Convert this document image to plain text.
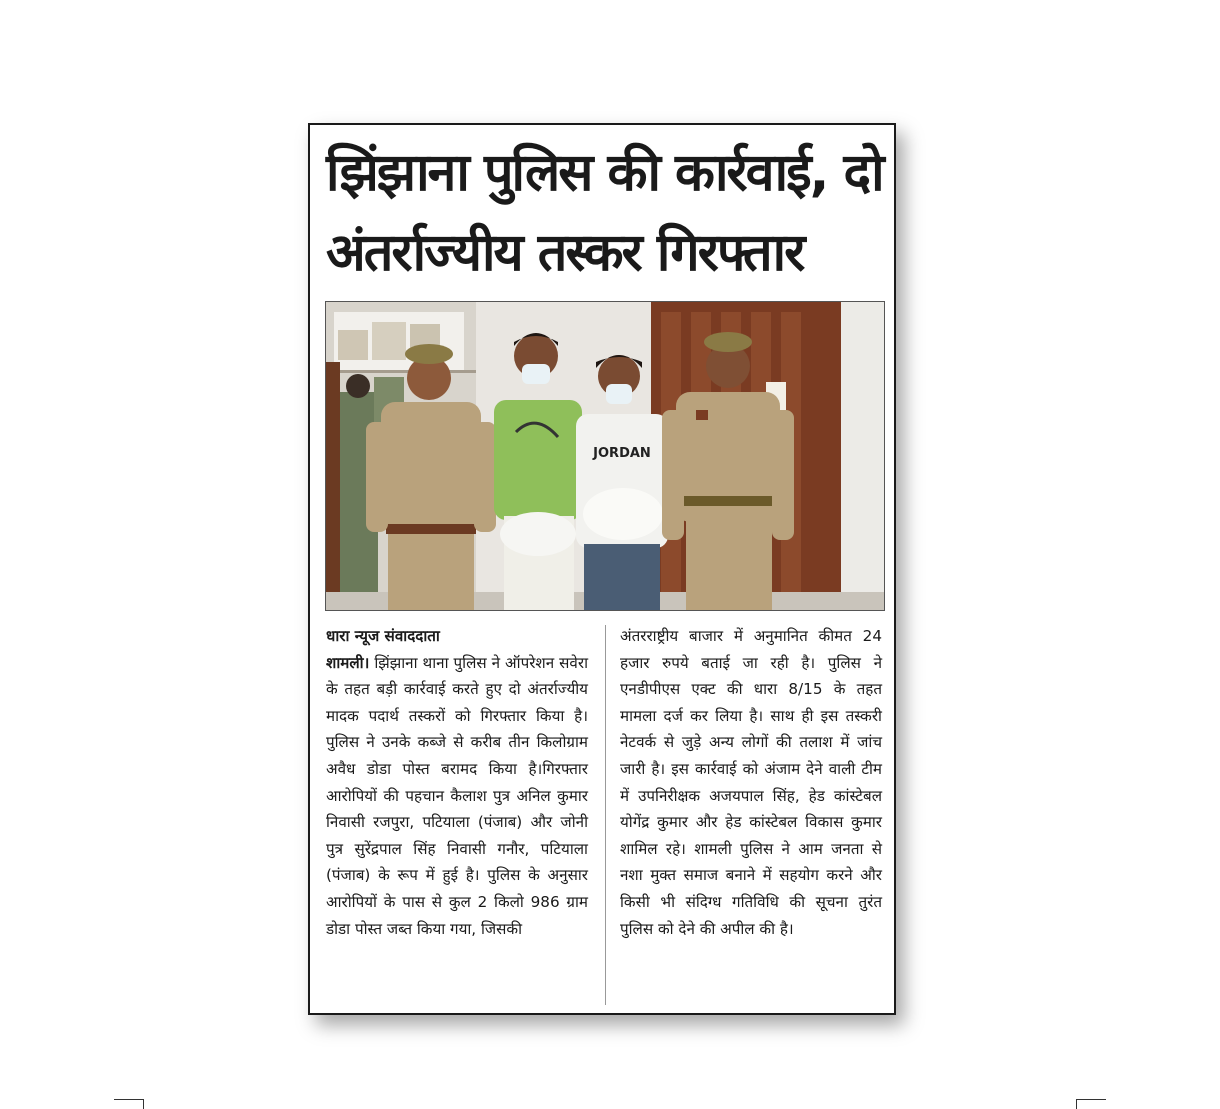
झिंझाना पुलिस की कार्रवाई, दो
अंतर्राज्यीय तस्कर गिरफ्तार
JORDAN
धारा न्यूज संवाददाता
शामली। झिंझाना थाना पुलिस ने ऑपरेशन सवेरा के तहत बड़ी कार्रवाई करते हुए दो अंतर्राज्यीय मादक पदार्थ तस्करों को गिरफ्तार किया है। पुलिस ने उनके कब्जे से करीब तीन किलोग्राम अवैध डोडा पोस्त बरामद किया है।गिरफ्तार आरोपियों की पहचान कैलाश पुत्र अनिल कुमार निवासी रजपुरा, पटियाला (पंजाब) और जोनी पुत्र सुरेंद्रपाल सिंह निवासी गनौर, पटियाला (पंजाब) के रूप में हुई है। पुलिस के अनुसार आरोपियों के पास से कुल 2 किलो 986 ग्राम डोडा पोस्त जब्त किया गया, जिसकी
अंतरराष्ट्रीय बाजार में अनुमानित कीमत 24 हजार रुपये बताई जा रही है। पुलिस ने एनडीपीएस एक्ट की धारा 8/15 के तहत मामला दर्ज कर लिया है। साथ ही इस तस्करी नेटवर्क से जुड़े अन्य लोगों की तलाश में जांच जारी है। इस कार्रवाई को अंजाम देने वाली टीम में उपनिरीक्षक अजयपाल सिंह, हेड कांस्टेबल योगेंद्र कुमार और हेड कांस्टेबल विकास कुमार शामिल रहे। शामली पुलिस ने आम जनता से नशा मुक्त समाज बनाने में सहयोग करने और किसी भी संदिग्ध गतिविधि की सूचना तुरंत पुलिस को देने की अपील की है।
